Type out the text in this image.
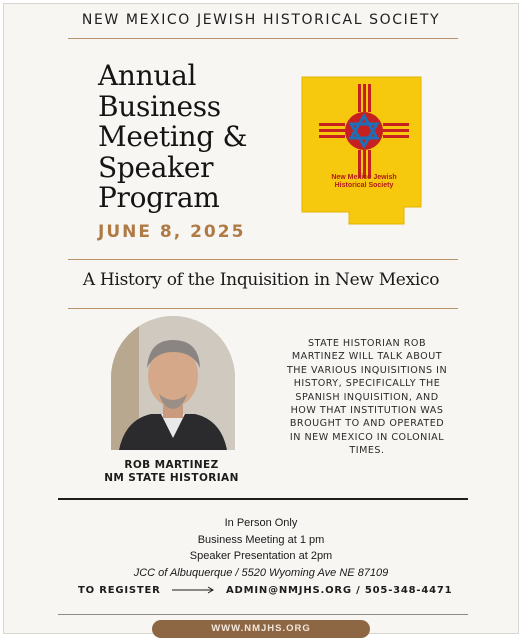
NEW MEXICO JEWISH HISTORICAL SOCIETY
Annual
Business
Meeting &
Speaker
Program
JUNE 8, 2025
New Mexico Jewish
Historical Society
A History of the Inquisition in New Mexico
ROB MARTINEZ
NM STATE HISTORIAN
STATE HISTORIAN ROB
MARTINEZ WILL TALK ABOUT
THE VARIOUS INQUISITIONS IN
HISTORY, SPECIFICALLY THE
SPANISH INQUISITION, AND
HOW THAT INSTITUTION WAS
BROUGHT TO AND OPERATED
IN NEW MEXICO IN COLONIAL
TIMES.
In Person Only
Business Meeting at 1 pm
Speaker Presentation at 2pm
JCC of Albuquerque / 5520 Wyoming Ave NE 87109
TO REGISTER	ADMIN@NMJHS.ORG / 505-348-4471
WWW.NMJHS.ORG
